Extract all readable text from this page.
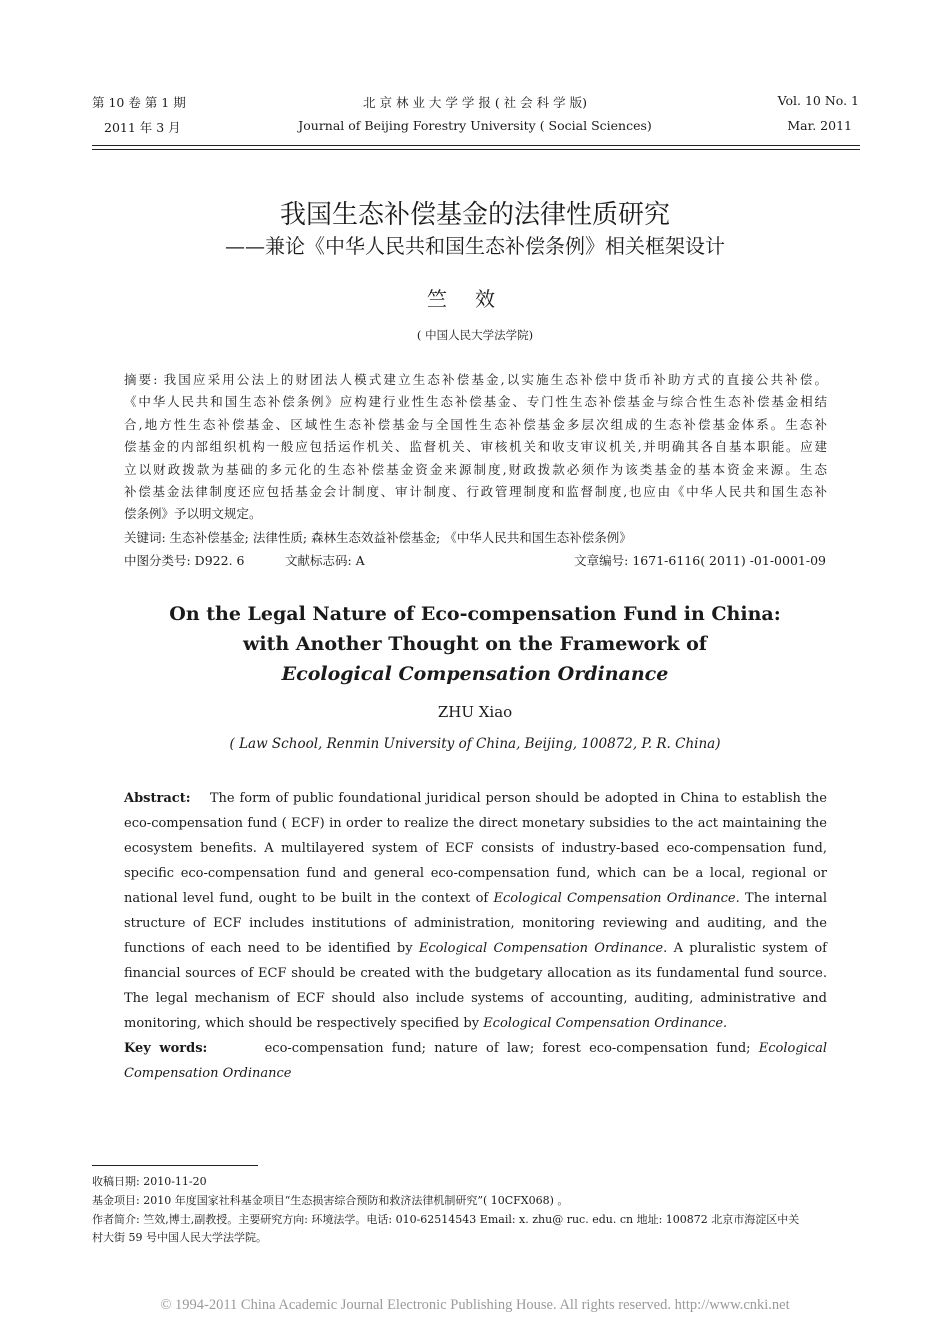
第 10 卷 第 1 期
2011 年 3 月
北 京 林 业 大 学 学 报 ( 社 会 科 学 版)
Journal of Beijing Forestry University ( Social Sciences)
Vol. 10 No. 1
Mar. 2011
我国生态补偿基金的法律性质研究
——兼论《中华人民共和国生态补偿条例》相关框架设计
竺效
( 中国人民大学法学院)
摘要: 我国应采用公法上的财团法人模式建立生态补偿基金,以实施生态补偿中货币补助方式的直接公共补偿。
《中华人民共和国生态补偿条例》应构建行业性生态补偿基金、专门性生态补偿基金与综合性生态补偿基金相结
合,地方性生态补偿基金、区域性生态补偿基金与全国性生态补偿基金多层次组成的生态补偿基金体系。生态补
偿基金的内部组织机构一般应包括运作机关、监督机关、审核机关和收支审议机关,并明确其各自基本职能。应建
立以财政拨款为基础的多元化的生态补偿基金资金来源制度,财政拨款必须作为该类基金的基本资金来源。生态
补偿基金法律制度还应包括基金会计制度、审计制度、行政管理制度和监督制度,也应由《中华人民共和国生态补
偿条例》予以明文规定。
关键词: 生态补偿基金; 法律性质; 森林生态效益补偿基金; 《中华人民共和国生态补偿条例》
中图分类号: D922. 6	文献标志码: A	文章编号: 1671-6116( 2011) -01-0001-09
On the Legal Nature of Eco-compensation Fund in China:
with Another Thought on the Framework of
Ecological Compensation Ordinance
ZHU Xiao
( Law School, Renmin University of China, Beijing, 100872, P. R. China)
Abstract: The form of public foundational juridical person should be adopted in China to establish the eco-compensation fund ( ECF) in order to realize the direct monetary subsidies to the act maintaining the ecosystem benefits. A multilayered system of ECF consists of industry-based eco-compensation fund, specific eco-compensation fund and general eco-compensation fund, which can be a local, regional or national level fund, ought to be built in the context of Ecological Compensation Ordinance. The internal structure of ECF includes institutions of administration, monitoring reviewing and auditing, and the functions of each need to be identified by Ecological Compensation Ordinance. A pluralistic system of financial sources of ECF should be created with the budgetary allocation as its fundamental fund source. The legal mechanism of ECF should also include systems of accounting, auditing, administrative and monitoring, which should be respectively specified by Ecological Compensation Ordinance.
Key words:	eco-compensation fund; nature of law; forest eco-compensation fund; Ecological Compensation Ordinance
收稿日期: 2010-11-20
基金项目: 2010 年度国家社科基金项目“生态损害综合预防和救济法律机制研究”( 10CFX068) 。
作者简介: 竺效,博士,副教授。主要研究方向: 环境法学。电话: 010-62514543 Email: x. zhu@ ruc. edu. cn 地址: 100872 北京市海淀区中关
村大街 59 号中国人民大学法学院。
© 1994-2011 China Academic Journal Electronic Publishing House. All rights reserved. http://www.cnki.net
